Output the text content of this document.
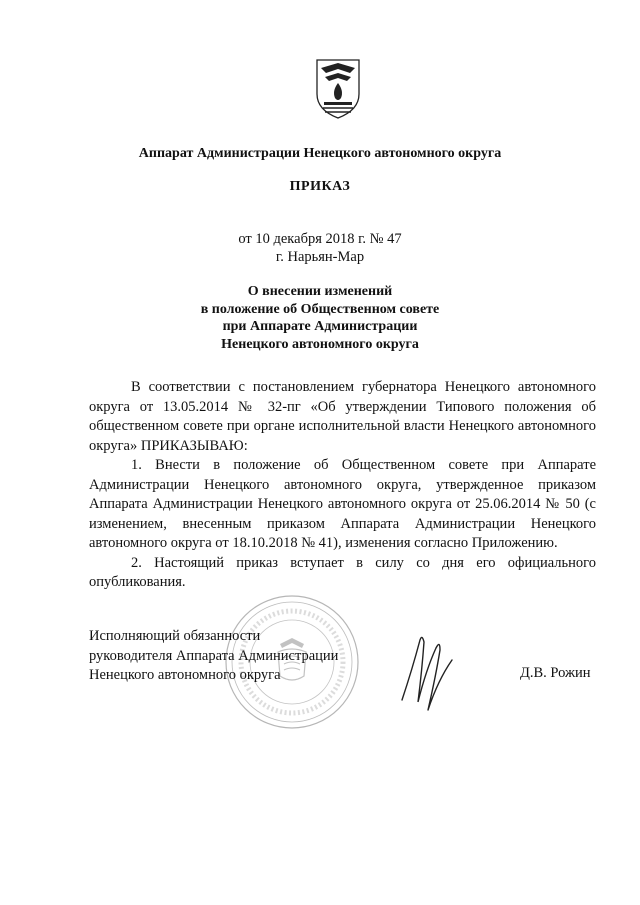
Аппарат Администрации Ненецкого автономного округа
ПРИКАЗ
от 10 декабря 2018 г. № 47
г. Нарьян-Мар
О внесении изменений
в положение об Общественном совете
при Аппарате Администрации
Ненецкого автономного округа

В соответствии с постановлением губернатора Ненецкого автономного округа от 13.05.2014 № 32-пг «Об утверждении Типового положения об общественном совете при органе исполнительной власти Ненецкого автономного округа» ПРИКАЗЫВАЮ:

1. Внести в положение об Общественном совете при Аппарате Администрации Ненецкого автономного округа, утвержденное приказом Аппарата Администрации Ненецкого автономного округа от 25.06.2014 № 50 (с изменением, внесенным приказом Аппарата Администрации Ненецкого автономного округа от 18.10.2018 № 41), изменения согласно Приложению.

2. Настоящий приказ вступает в силу со дня его официального опубликования.

Исполняющий обязанности
руководителя Аппарата Администрации
Ненецкого автономного округа	Д.В. Рожин
